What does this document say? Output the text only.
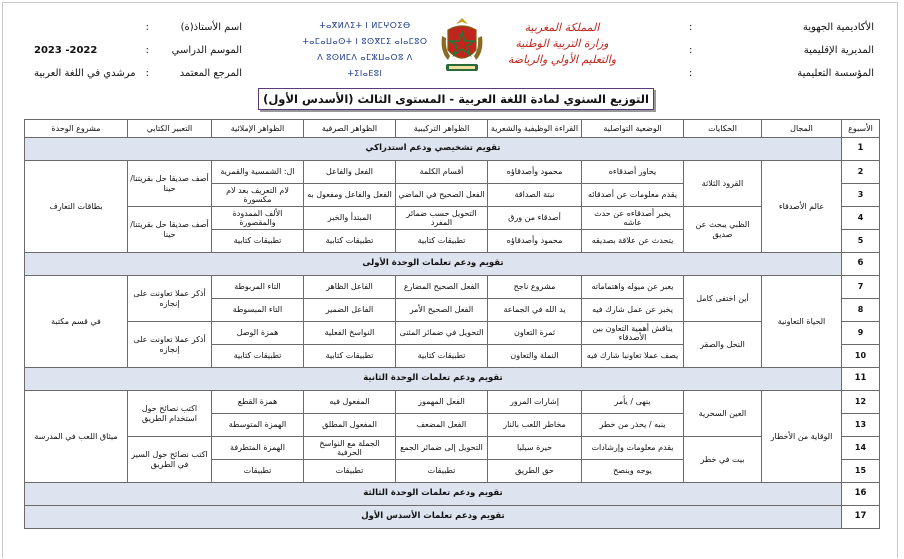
الأكاديمية الجهوية
:
المديرية الإقليمية
:
المؤسسة التعليمية
:
اسم الأستاذ(ة)
:
الموسم الدراسي
:
2022- 2023
المرجع المعتمد
:
مرشدي في اللغة العربية
ⵜⴰⴳⵍⴷⵉⵜ ⵏ ⵍⵎⵖⵔⵉⴱ
ⵜⴰⵎⴰⵡⴰⵙⵜ ⵏ ⵓⵙⴳⵎⵉ ⴰⵏⴰⵎⵓⵔ
ⴷ ⵓⵙⵍⵎⴷ ⴰⵎⵣⵡⴰⵔⵓ ⴷ ⵜⵉⵏⴰⴹⵓⵏ
المملكة المغربية
وزارة التربية الوطنية
والتعليم الأولي والرياضة
التوزيع السنوي لمادة اللغة العربية - المستوى الثالث (الأسدس الأول)
الأسبوع	المجال	الحكايات	الوضعية التواصلية	القراءة الوظيفية والشعرية	الظواهر التركيبية	الظواهر الصرفية	الظواهر الإملائية	التعبير الكتابي	مشروع الوحدة
1	تقويم تشخيصي ودعم استدراكي								
2	عالم الأصدقاء	القرود الثلاثة	يحاور أصدقاءه	محمود وأصدقاؤه	أقسام الكلمة	الفعل والفاعل	ال: الشمسية والقمرية	أصف صديقا حل بقريتنا/ حينا	بطاقات التعارف
3			يقدم معلومات عن أصدقائه	نبتة الصداقة	الفعل الصحيح في الماضي	الفعل والفاعل ومفعول به	لام التعريف بعد لام مكسورة		
4		الظبي يبحث عن صديق	يخبر أصدقاءه عن حدث عاشه	أصدقاء من ورق	التحويل حسب ضمائر المفرد	المبتدأ والخبر	الألف الممدودة والمقصورة	أصف صديقا حل بقريتنا/ حينا	
5			يتحدث عن علاقة بصديقه	محمود وأصدقاؤه	تطبيقات كتابية	تطبيقات كتابية	تطبيقات كتابية		
6	تقويم ودعم تعلمات الوحدة الأولى								
7	الحياة التعاونية	أين اختفى كامل	يعبر عن ميوله واهتماماته	مشروع ناجح	الفعل الصحيح المضارع	الفاعل الظاهر	التاء المربوطة	أذكر عملا تعاونت على إنجازه	في قسم مكتبة
8			يخبر عن عمل شارك فيه	يد الله في الجماعة	الفعل الصحيح الأمر	الفاعل الضمير	التاء المبسوطة		
9		النحل والصقر	يناقش أهمية التعاون بين الأصدقاء	ثمرة التعاون	التحويل في ضمائر المثنى	النواسخ الفعلية	همزة الوصل	أذكر عملا تعاونت على إنجازه	
10			يصف عملا تعاونيا شارك فيه	النملة والتعاون	تطبيقات كتابية	تطبيقات كتابية	تطبيقات كتابية		
11	تقويم ودعم تعلمات الوحدة الثانية								
12	الوقاية من الأخطار	العين السحرية	ينهى / يأمر	إشارات المرور	الفعل المهموز	المفعول فيه	همزة القطع	اكتب نصائح حول استخدام الطريق	ميثاق اللعب في المدرسة
13			ينبه / يحذر من خطر	مخاطر اللعب بالنار	الفعل المضعف	المفعول المطلق	الهمزة المتوسطة		
14		بيت في خطر	يقدم معلومات وإرشادات	حيرة سيليا	التحويل إلى ضمائر الجمع	الجملة مع النواسخ الحرفية	الهمزة المتطرفة	اكتب نصائح حول السير في الطريق	
15			يوجه وينصح	حق الطريق	تطبيقات	تطبيقات	تطبيقات		
16	تقويم ودعم تعلمات الوحدة الثالثة								
17	تقويم ودعم تعلمات الأسدس الأول								
